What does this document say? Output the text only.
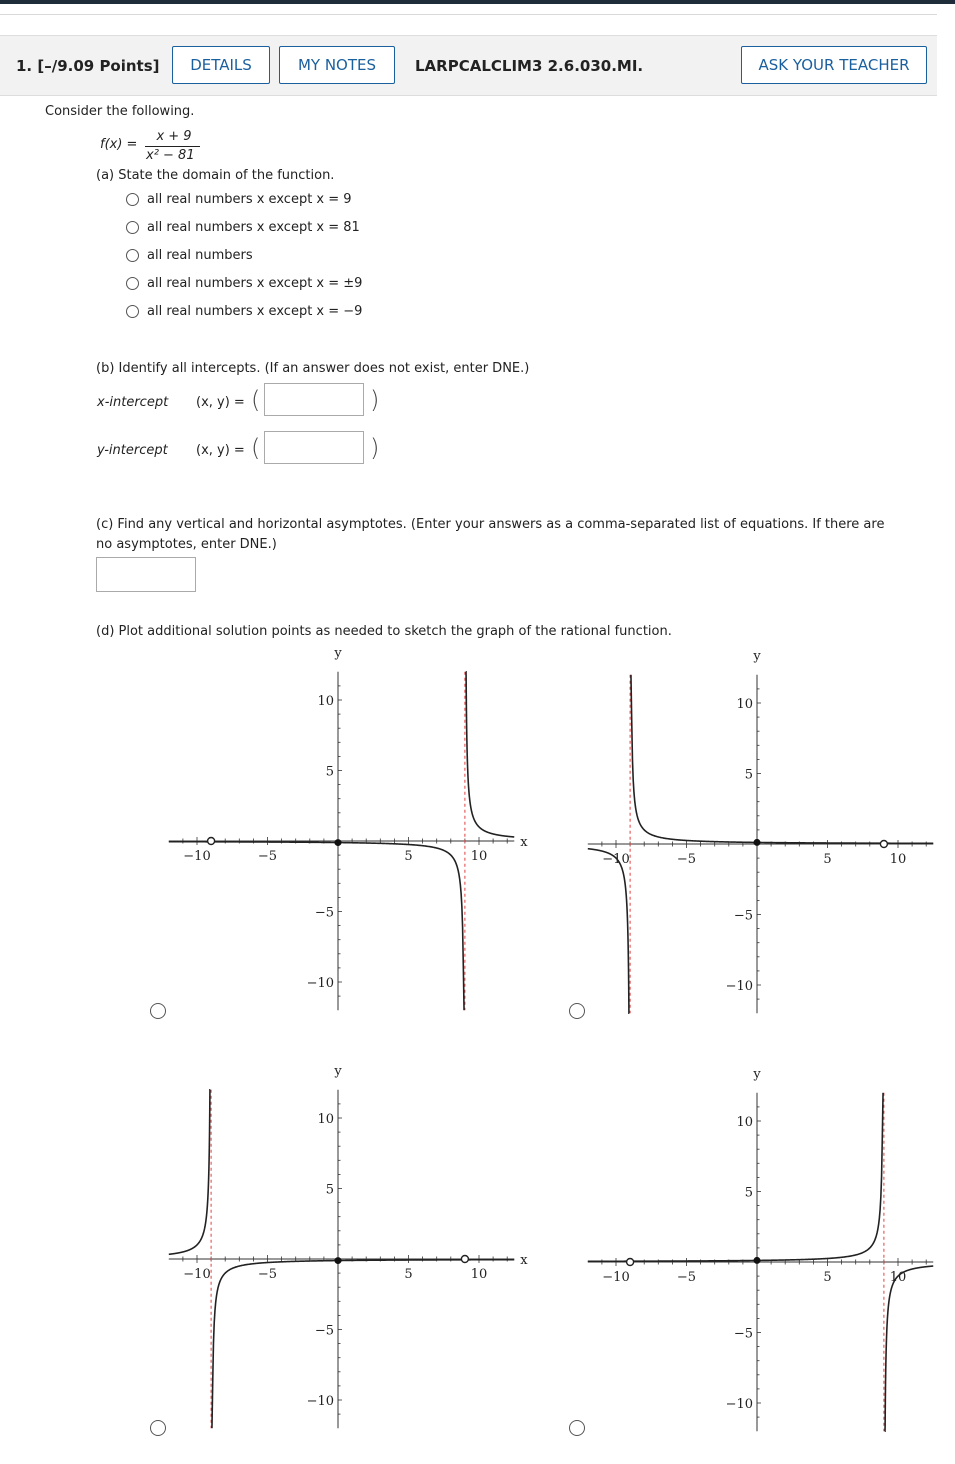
1. [–/9.09 Points]	DETAILS	MY NOTES	LARPCALCLIM3 2.6.030.MI.	ASK YOUR TEACHER
Consider the following.
f(x) =
x + 9
x² − 81
(a) State the domain of the function.
all real numbers x except x = 9
all real numbers x except x = 81
all real numbers
all real numbers x except x = ±9
all real numbers x except x = −9
(b) Identify all intercepts. (If an answer does not exist, enter DNE.)
x-intercept (x, y) = (	)
y-intercept (x, y) = (	)
(c) Find any vertical and horizontal asymptotes. (Enter your answers as a comma-separated list of equations. If there are
no asymptotes, enter DNE.)
(d) Plot additional solution points as needed to sketch the graph of the rational function.
−10
−10
−5
−5
5
5
10
10
x
y
−10
−10
−5
−5
5
5
10
10
y
−10
−10
−5
−5
5
5
10
10
x
y
−10
−10
−5
−5
5
5
10
10
y
